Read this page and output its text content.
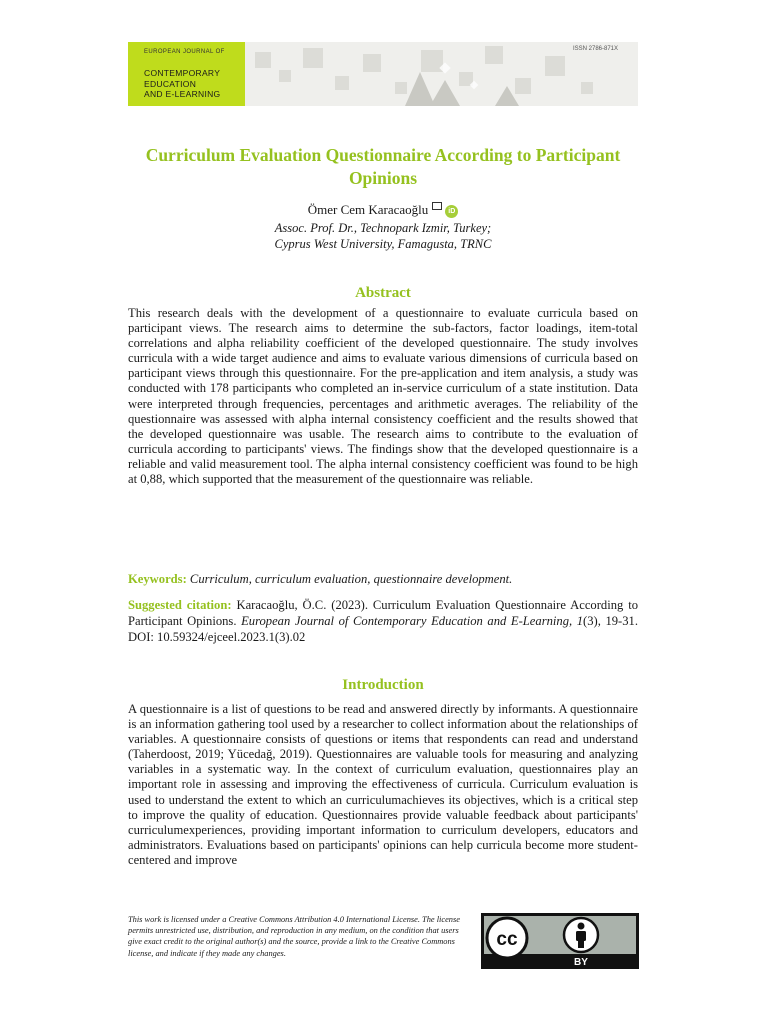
EUROPEAN JOURNAL OF
CONTEMPORARY
EDUCATION
AND E-LEARNING
ISSN 2786-871X
Curriculum Evaluation Questionnaire According to Participant Opinions
Ömer Cem Karacaoğlu	iD
Assoc. Prof. Dr., Technopark Izmir, Turkey;
Cyprus West University, Famagusta, TRNC
Abstract

This research deals with the development of a questionnaire to evaluate curricula based on participant views. The research aims to determine the sub-factors, factor loadings, item-total correlations and alpha reliability coefficient of the developed questionnaire. The study involves curricula with a wide target audience and aims to evaluate various dimensions of curricula based on participant views through this questionnaire. For the pre-application and item analysis, a study was conducted with 178 participants who completed an in-service curriculum of a state institution. Data were interpreted through frequencies, percentages and arithmetic averages. The reliability of the questionnaire was assessed with alpha internal consistency coefficient and the results showed that the developed questionnaire was usable. The research aims to contribute to the evaluation of curricula according to participants' views. The findings show that the developed questionnaire is a reliable and valid measurement tool. The alpha internal consistency coefficient was found to be high at 0,88, which supported that the measurement of the questionnaire was reliable.

Keywords: Curriculum, curriculum evaluation, questionnaire development.

Suggested citation: Karacaoğlu, Ö.C. (2023). Curriculum Evaluation Questionnaire According to Participant Opinions. European Journal of Contemporary Education and E-Learning, 1(3), 19-31. DOI: 10.59324/ejceel.2023.1(3).02

Introduction

A questionnaire is a list of questions to be read and answered directly by informants. A questionnaire is an information gathering tool used by a researcher to collect information about the relationships of variables. A questionnaire consists of questions or items that respondents can read and understand (Taherdoost, 2019; Yücedağ, 2019). Questionnaires are valuable tools for measuring and analyzing variables in a systematic way. In the context of curriculum evaluation, questionnaires play an important role in assessing and improving the effectiveness of curricula. Curriculum evaluation is used to understand the extent to which an curriculumachieves its objectives, which is a critical step to improve the quality of education. Questionnaires provide valuable feedback about participants' curriculumexperiences, providing important information to curriculum developers, educators and administrators. Evaluations based on participants' opinions can help curricula become more student-centered and improve

This work is licensed under a Creative Commons Attribution 4.0 International License. The license permits unrestricted use, distribution, and reproduction in any medium, on the condition that users give exact credit to the original author(s) and the source, provide a link to the Creative Commons license, and indicate if they made any changes.

cc
BY
